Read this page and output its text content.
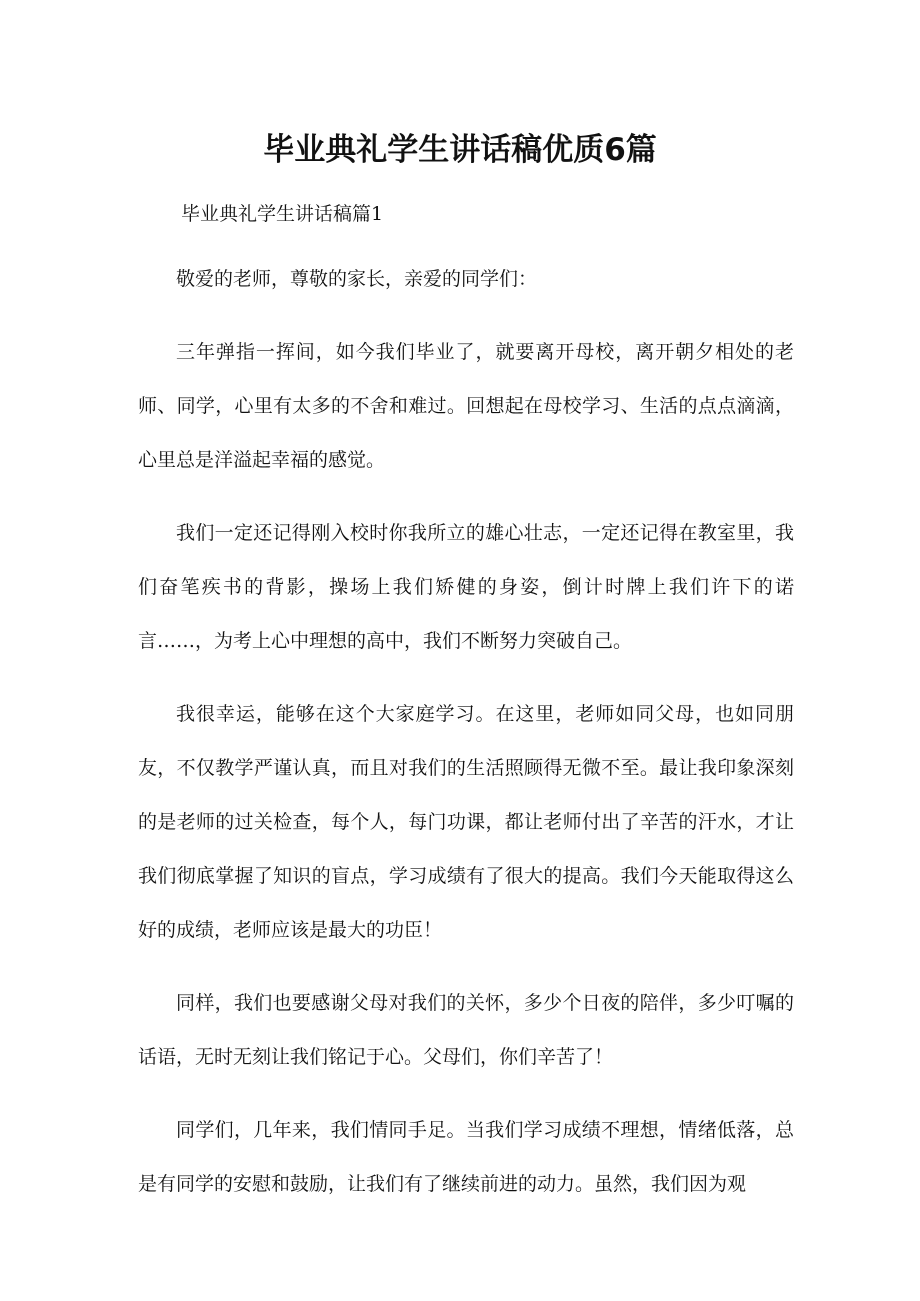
毕业典礼学生讲话稿优质6篇

毕业典礼学生讲话稿篇1

敬爱的老师，尊敬的家长，亲爱的同学们：

三年弹指一挥间，如今我们毕业了，就要离开母校，离开朝夕相处的老师、同学，心里有太多的不舍和难过。回想起在母校学习、生活的点点滴滴，心里总是洋溢起幸福的感觉。

我们一定还记得刚入校时你我所立的雄心壮志，一定还记得在教室里，我们奋笔疾书的背影，操场上我们矫健的身姿，倒计时牌上我们许下的诺言……，为考上心中理想的高中，我们不断努力突破自己。

我很幸运，能够在这个大家庭学习。在这里，老师如同父母，也如同朋友，不仅教学严谨认真，而且对我们的生活照顾得无微不至。最让我印象深刻的是老师的过关检查，每个人，每门功课，都让老师付出了辛苦的汗水，才让我们彻底掌握了知识的盲点，学习成绩有了很大的提高。我们今天能取得这么好的成绩，老师应该是最大的功臣！

同样，我们也要感谢父母对我们的关怀，多少个日夜的陪伴，多少叮嘱的话语，无时无刻让我们铭记于心。父母们，你们辛苦了！

同学们，几年来，我们情同手足。当我们学习成绩不理想，情绪低落，总是有同学的安慰和鼓励，让我们有了继续前进的动力。虽然，我们因为观
